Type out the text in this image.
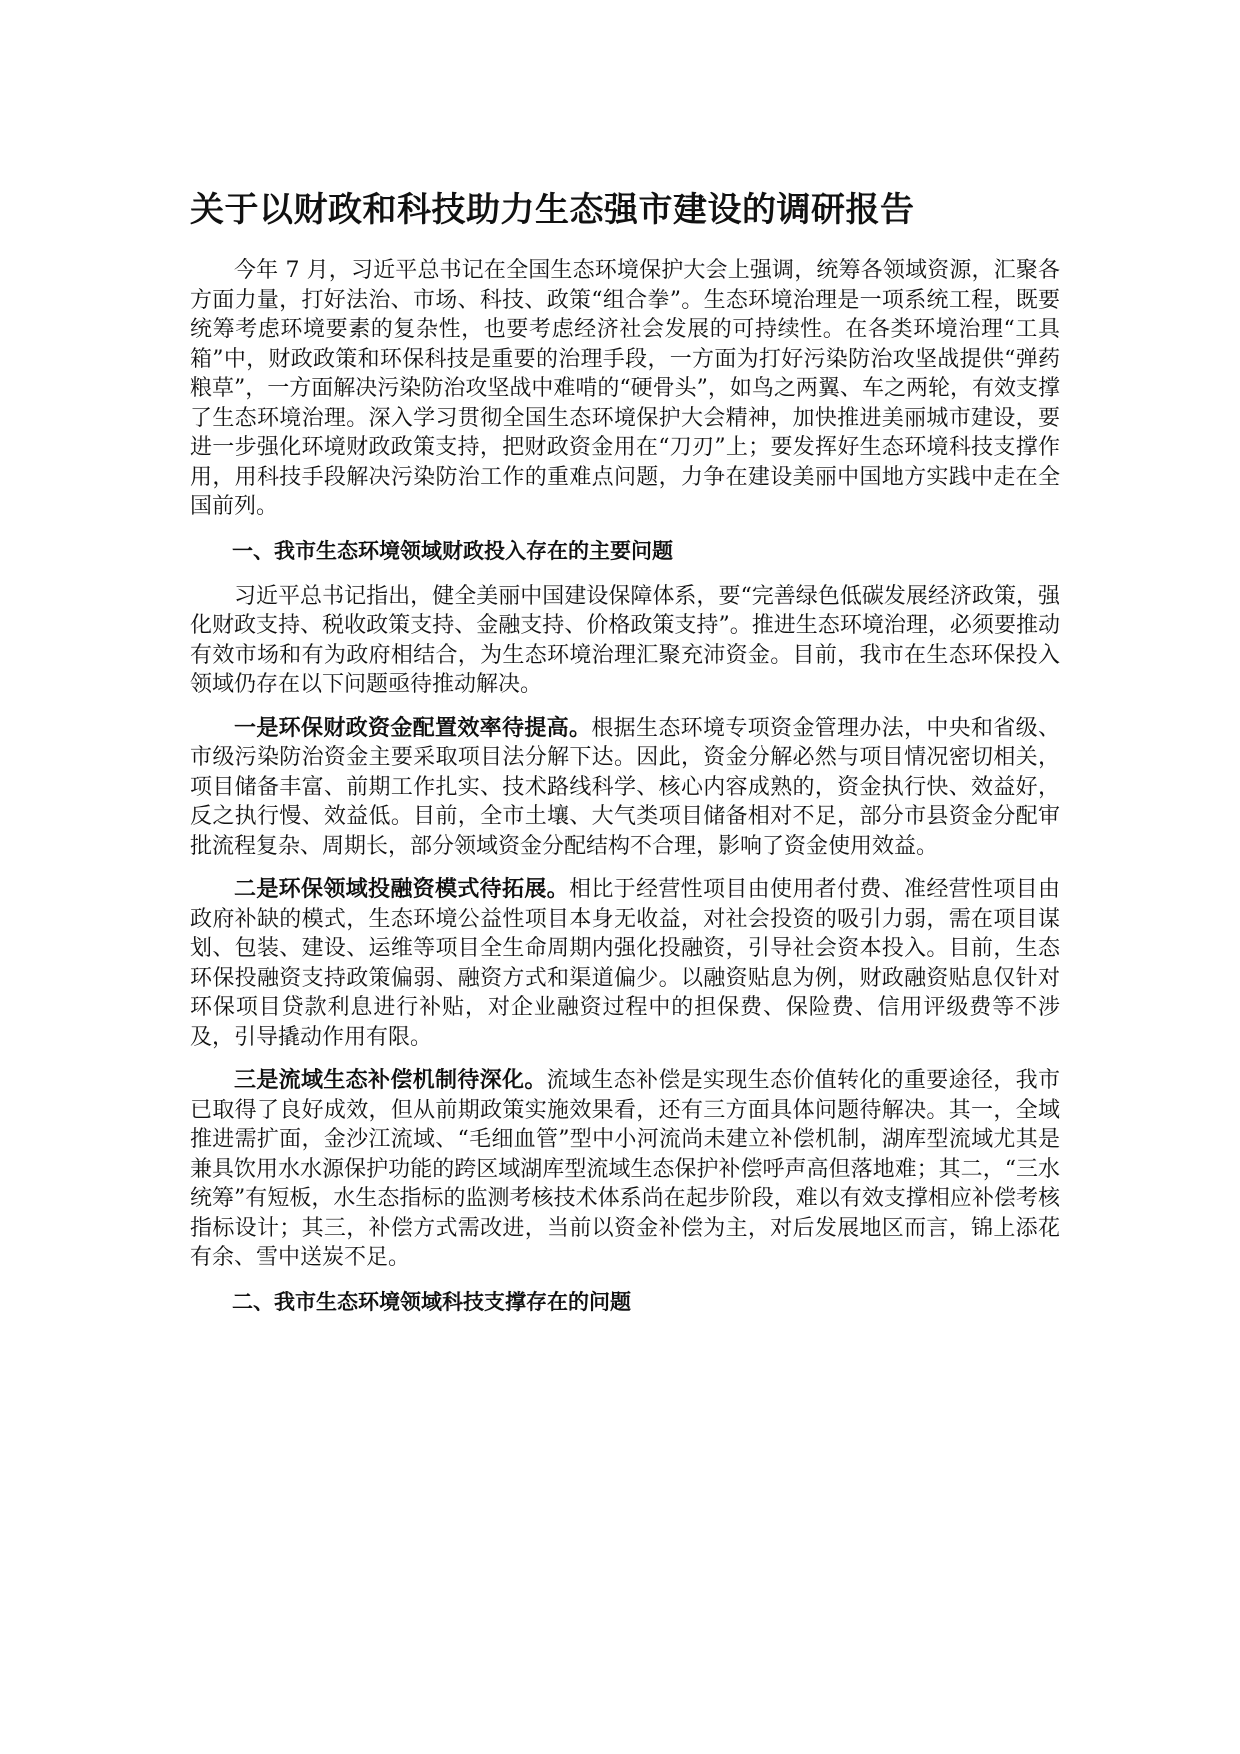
关于以财政和科技助力生态强市建设的调研报告

今年 7 月，习近平总书记在全国生态环境保护大会上强调，统筹各领域资源，汇聚各方面力量，打好法治、市场、科技、政策“组合拳”。生态环境治理是一项系统工程，既要统筹考虑环境要素的复杂性，也要考虑经济社会发展的可持续性。在各类环境治理“工具箱”中，财政政策和环保科技是重要的治理手段，一方面为打好污染防治攻坚战提供“弹药粮草”，一方面解决污染防治攻坚战中难啃的“硬骨头”，如鸟之两翼、车之两轮，有效支撑了生态环境治理。深入学习贯彻全国生态环境保护大会精神，加快推进美丽城市建设，要进一步强化环境财政政策支持，把财政资金用在“刀刃”上；要发挥好生态环境科技支撑作用，用科技手段解决污染防治工作的重难点问题，力争在建设美丽中国地方实践中走在全国前列。

一、我市生态环境领域财政投入存在的主要问题

习近平总书记指出，健全美丽中国建设保障体系，要“完善绿色低碳发展经济政策，强化财政支持、税收政策支持、金融支持、价格政策支持”。推进生态环境治理，必须要推动有效市场和有为政府相结合，为生态环境治理汇聚充沛资金。目前，我市在生态环保投入领域仍存在以下问题亟待推动解决。

一是环保财政资金配置效率待提高。根据生态环境专项资金管理办法，中央和省级、市级污染防治资金主要采取项目法分解下达。因此，资金分解必然与项目情况密切相关，项目储备丰富、前期工作扎实、技术路线科学、核心内容成熟的，资金执行快、效益好，反之执行慢、效益低。目前，全市土壤、大气类项目储备相对不足，部分市县资金分配审批流程复杂、周期长，部分领域资金分配结构不合理，影响了资金使用效益。

二是环保领域投融资模式待拓展。相比于经营性项目由使用者付费、准经营性项目由政府补缺的模式，生态环境公益性项目本身无收益，对社会投资的吸引力弱，需在项目谋划、包装、建设、运维等项目全生命周期内强化投融资，引导社会资本投入。目前，生态环保投融资支持政策偏弱、融资方式和渠道偏少。以融资贴息为例，财政融资贴息仅针对环保项目贷款利息进行补贴，对企业融资过程中的担保费、保险费、信用评级费等不涉及，引导撬动作用有限。

三是流域生态补偿机制待深化。流域生态补偿是实现生态价值转化的重要途径，我市已取得了良好成效，但从前期政策实施效果看，还有三方面具体问题待解决。其一，全域推进需扩面，金沙江流域、“毛细血管”型中小河流尚未建立补偿机制，湖库型流域尤其是兼具饮用水水源保护功能的跨区域湖库型流域生态保护补偿呼声高但落地难；其二，“三水统筹”有短板，水生态指标的监测考核技术体系尚在起步阶段，难以有效支撑相应补偿考核指标设计；其三，补偿方式需改进，当前以资金补偿为主，对后发展地区而言，锦上添花有余、雪中送炭不足。

二、我市生态环境领域科技支撑存在的问题
